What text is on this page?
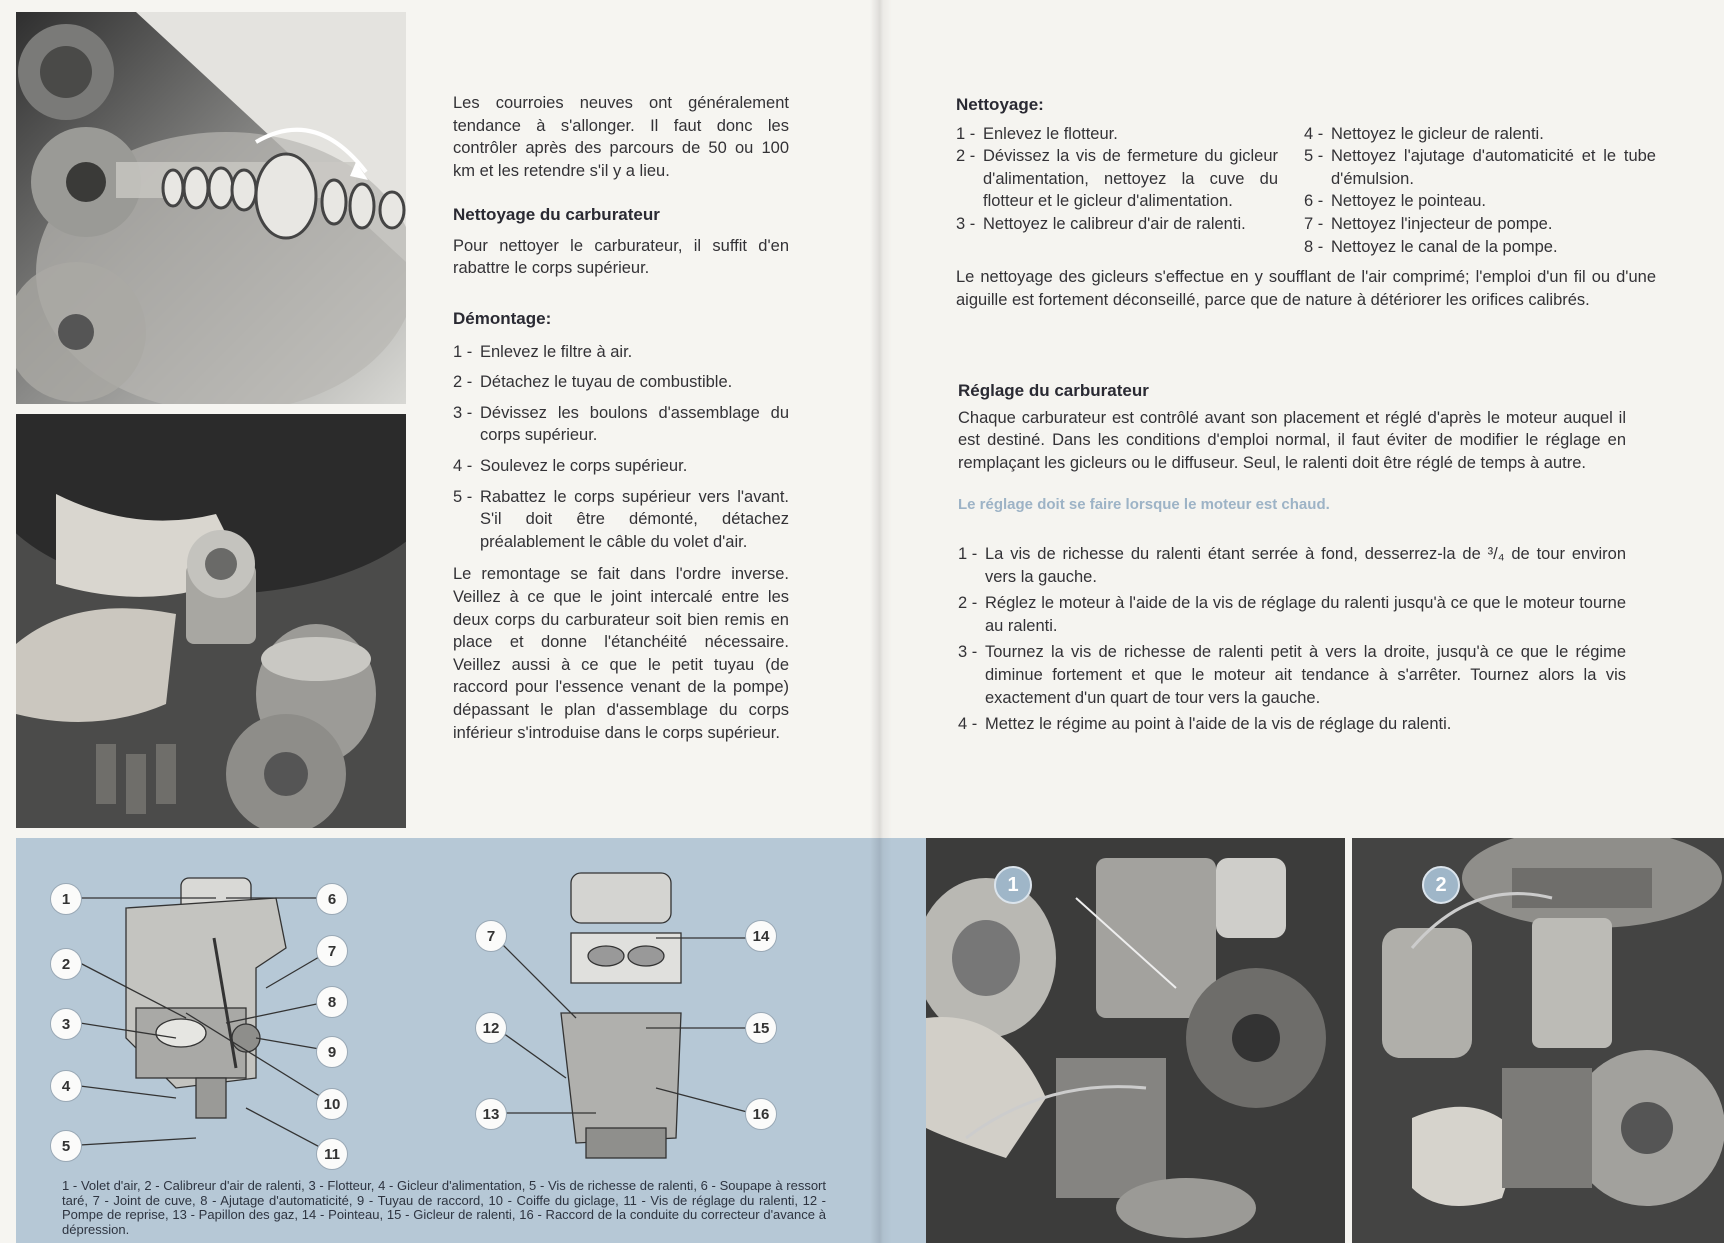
Les courroies neuves ont généralement tendance à s'allonger. Il faut donc les contrôler après des parcours de 50 ou 100 km et les retendre s'il y a lieu.

Nettoyage du carburateur

Pour nettoyer le carburateur, il suffit d'en rabattre le corps supérieur.

Démontage:

1 - Enlevez le filtre à air.
2 - Détachez le tuyau de combustible.
3 - Dévissez les boulons d'assemblage du corps supérieur.
4 - Soulevez le corps supérieur.
5 - Rabattez le corps supérieur vers l'avant. S'il doit être démonté, détachez préalablement le câble du volet d'air.

Le remontage se fait dans l'ordre inverse. Veillez à ce que le joint intercalé entre les deux corps du carburateur soit bien remis en place et donne l'étanchéité nécessaire. Veillez aussi à ce que le petit tuyau (de raccord pour l'essence venant de la pompe) dépassant le plan d'assemblage du corps inférieur s'introduise dans le corps supérieur.

1
2
3
4
5
6
7
8
9
10
11
7
12
13
14
15
16
1 - Volet d'air, 2 - Calibreur d'air de ralenti, 3 - Flotteur, 4 - Gicleur d'alimentation, 5 - Vis de richesse de ralenti, 6 - Soupape à ressort taré, 7 - Joint de cuve, 8 - Ajutage d'automaticité, 9 - Tuyau de raccord, 10 - Coiffe du giclage, 11 - Vis de réglage du ralenti, 12 - Pompe de reprise, 13 - Papillon des gaz, 14 - Pointeau, 15 - Gicleur de ralenti, 16 - Raccord de la conduite du correcteur d'avance à dépression.

Nettoyage:

1 - Enlevez le flotteur.
2 - Dévissez la vis de fermeture du gicleur d'alimentation, nettoyez la cuve du flotteur et le gicleur d'alimentation.
3 - Nettoyez le calibreur d'air de ralenti.
4 - Nettoyez le gicleur de ralenti.
5 - Nettoyez l'ajutage d'automaticité et le tube d'émulsion.
6 - Nettoyez le pointeau.
7 - Nettoyez l'injecteur de pompe.
8 - Nettoyez le canal de la pompe.

Le nettoyage des gicleurs s'effectue en y soufflant de l'air comprimé; l'emploi d'un fil ou d'une aiguille est fortement déconseillé, parce que de nature à détériorer les orifices calibrés.

Réglage du carburateur

Chaque carburateur est contrôlé avant son placement et réglé d'après le moteur auquel il est destiné. Dans les conditions d'emploi normal, il faut éviter de modifier le réglage en remplaçant les gicleurs ou le diffuseur. Seul, le ralenti doit être réglé de temps à autre.

Le réglage doit se faire lorsque le moteur est chaud.

1 - La vis de richesse du ralenti étant serrée à fond, desserrez-la de ³/₄ de tour environ vers la gauche.
2 - Réglez le moteur à l'aide de la vis de réglage du ralenti jusqu'à ce que le moteur tourne au ralenti.
3 - Tournez la vis de richesse de ralenti petit à vers la droite, jusqu'à ce que le régime diminue fortement et que le moteur ait tendance à s'arrêter. Tournez alors la vis exactement d'un quart de tour vers la gauche.
4 - Mettez le régime au point à l'aide de la vis de réglage du ralenti.
1	2
